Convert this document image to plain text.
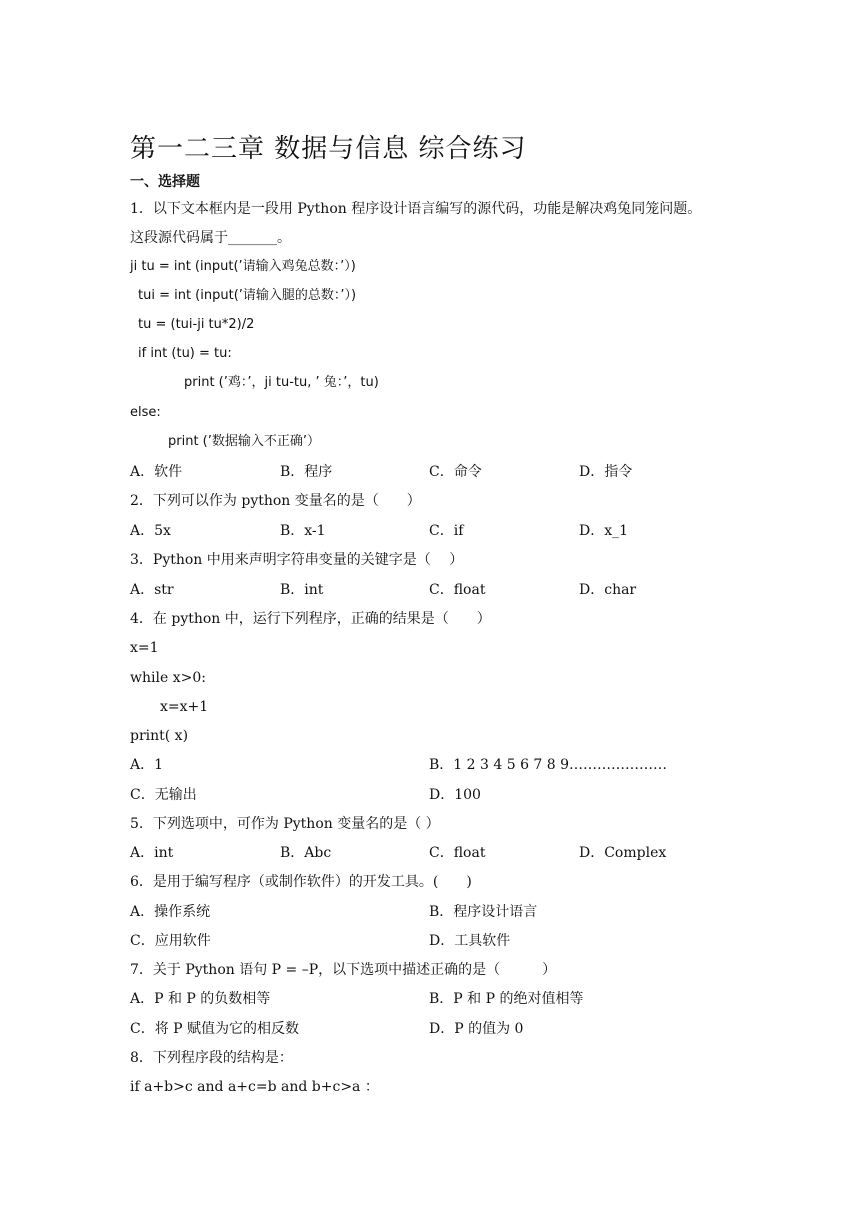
第一二三章 数据与信息 综合练习
一、选择题
1．以下文本框内是一段用 Python 程序设计语言编写的源代码，功能是解决鸡兔同笼问题。
这段源代码属于_______。
ji tu = int (input(’请输入鸡兔总数：’）)
tui = int (input(’请输入腿的总数：’）)
tu = (tui-ji tu*2)/2
if int (tu) = tu:
print (’鸡：’，ji tu-tu, ’ 兔：’，tu)
else:
print (’数据输入不正确’）
A．软件	B．程序	C．命令	D．指令
2．下列可以作为 python 变量名的是（　　）
A．5x	B．x-1	C．if	D．x_1
3．Python 中用来声明字符串变量的关键字是（　 ）
A．str	B．int	C．float	D．char
4．在 python 中，运行下列程序，正确的结果是（　　）
x=1
while x>0:
x=x+1
print( x)
A．1	B．1 2 3 4 5 6 7 8 9…………………
C．无输出	D．100
5．下列选项中，可作为 Python 变量名的是（ ）
A．int	B．Abc	C．float	D．Complex
6．是用于编写程序（或制作软件）的开发工具。(　　)
A．操作系统	B．程序设计语言
C．应用软件	D．工具软件
7．关于 Python 语句 P = –P，以下选项中描述正确的是（　　　）
A．P 和 P 的负数相等	B．P 和 P 的绝对值相等
C．将 P 赋值为它的相反数	D．P 的值为 0
8．下列程序段的结构是：
if a+b>c and a+c=b and b+c>a ：
